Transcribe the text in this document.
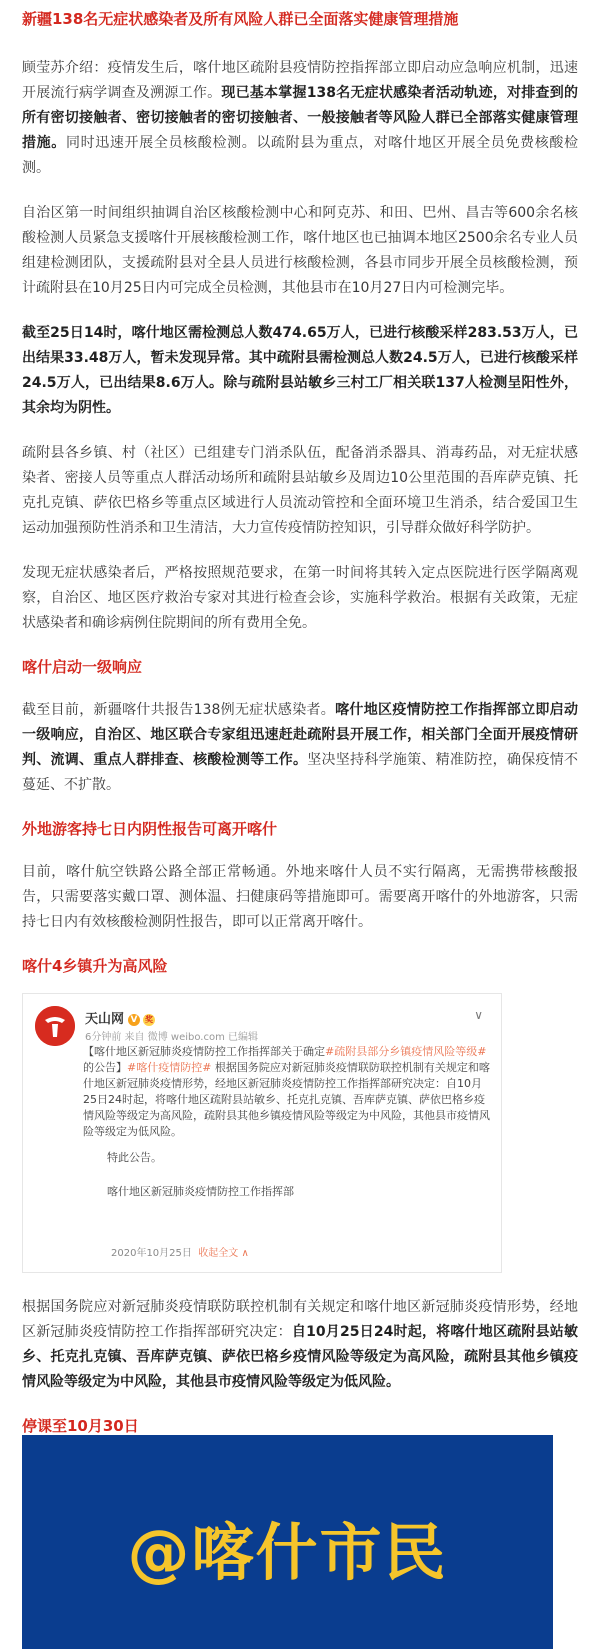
新疆138名无症状感染者及所有风险人群已全面落实健康管理措施

顾莹苏介绍：疫情发生后，喀什地区疏附县疫情防控指挥部立即启动应急响应机制，迅速开展流行病学调查及溯源工作。现已基本掌握138名无症状感染者活动轨迹，对排查到的所有密切接触者、密切接触者的密切接触者、一般接触者等风险人群已全部落实健康管理措施。同时迅速开展全员核酸检测。以疏附县为重点，对喀什地区开展全员免费核酸检测。

自治区第一时间组织抽调自治区核酸检测中心和阿克苏、和田、巴州、昌吉等600余名核酸检测人员紧急支援喀什开展核酸检测工作，喀什地区也已抽调本地区2500余名专业人员组建检测团队，支援疏附县对全县人员进行核酸检测，各县市同步开展全员核酸检测，预计疏附县在10月25日内可完成全员检测，其他县市在10月27日内可检测完毕。

截至25日14时，喀什地区需检测总人数474.65万人，已进行核酸采样283.53万人，已出结果33.48万人，暂未发现异常。其中疏附县需检测总人数24.5万人，已进行核酸采样24.5万人，已出结果8.6万人。除与疏附县站敏乡三村工厂相关联137人检测呈阳性外，其余均为阴性。

疏附县各乡镇、村（社区）已组建专门消杀队伍，配备消杀器具、消毒药品，对无症状感染者、密接人员等重点人群活动场所和疏附县站敏乡及周边10公里范围的吾库萨克镇、托克扎克镇、萨依巴格乡等重点区域进行人员流动管控和全面环境卫生消杀，结合爱国卫生运动加强预防性消杀和卫生清洁，大力宣传疫情防控知识，引导群众做好科学防护。

发现无症状感染者后，严格按照规范要求，在第一时间将其转入定点医院进行医学隔离观察，自治区、地区医疗救治专家对其进行检查会诊，实施科学救治。根据有关政策，无症状感染者和确诊病例住院期间的所有费用全免。

喀什启动一级响应

截至目前，新疆喀什共报告138例无症状感染者。喀什地区疫情防控工作指挥部立即启动一级响应，自治区、地区联合专家组迅速赶赴疏附县开展工作，相关部门全面开展疫情研判、流调、重点人群排查、核酸检测等工作。坚决坚持科学施策、精准防控，确保疫情不蔓延、不扩散。

外地游客持七日内阴性报告可离开喀什

目前，喀什航空铁路公路全部正常畅通。外地来喀什人员不实行隔离，无需携带核酸报告，只需要落实戴口罩、测体温、扫健康码等措施即可。需要离开喀什的外地游客，只需持七日内有效核酸检测阴性报告，即可以正常离开喀什。

喀什4乡镇升为高风险

天山网 V 奖
6分钟前 来自 微博 weibo.com 已编辑
∨
【喀什地区新冠肺炎疫情防控工作指挥部关于确定#疏附县部分乡镇疫情风险等级#的公告】#喀什疫情防控# 根据国务院应对新冠肺炎疫情联防联控机制有关规定和喀什地区新冠肺炎疫情形势，经地区新冠肺炎疫情防控工作指挥部研究决定：自10月25日24时起，将喀什地区疏附县站敏乡、托克扎克镇、吾库萨克镇、萨依巴格乡疫情风险等级定为高风险，疏附县其他乡镇疫情风险等级定为中风险，其他县市疫情风险等级定为低风险。
特此公告。
喀什地区新冠肺炎疫情防控工作指挥部
2020年10月25日 收起全文 ∧

根据国务院应对新冠肺炎疫情联防联控机制有关规定和喀什地区新冠肺炎疫情形势，经地区新冠肺炎疫情防控工作指挥部研究决定：自10月25日24时起，将喀什地区疏附县站敏乡、托克扎克镇、吾库萨克镇、萨依巴格乡疫情风险等级定为高风险，疏附县其他乡镇疫情风险等级定为中风险，其他县市疫情风险等级定为低风险。

停课至10月30日

@喀什市民
